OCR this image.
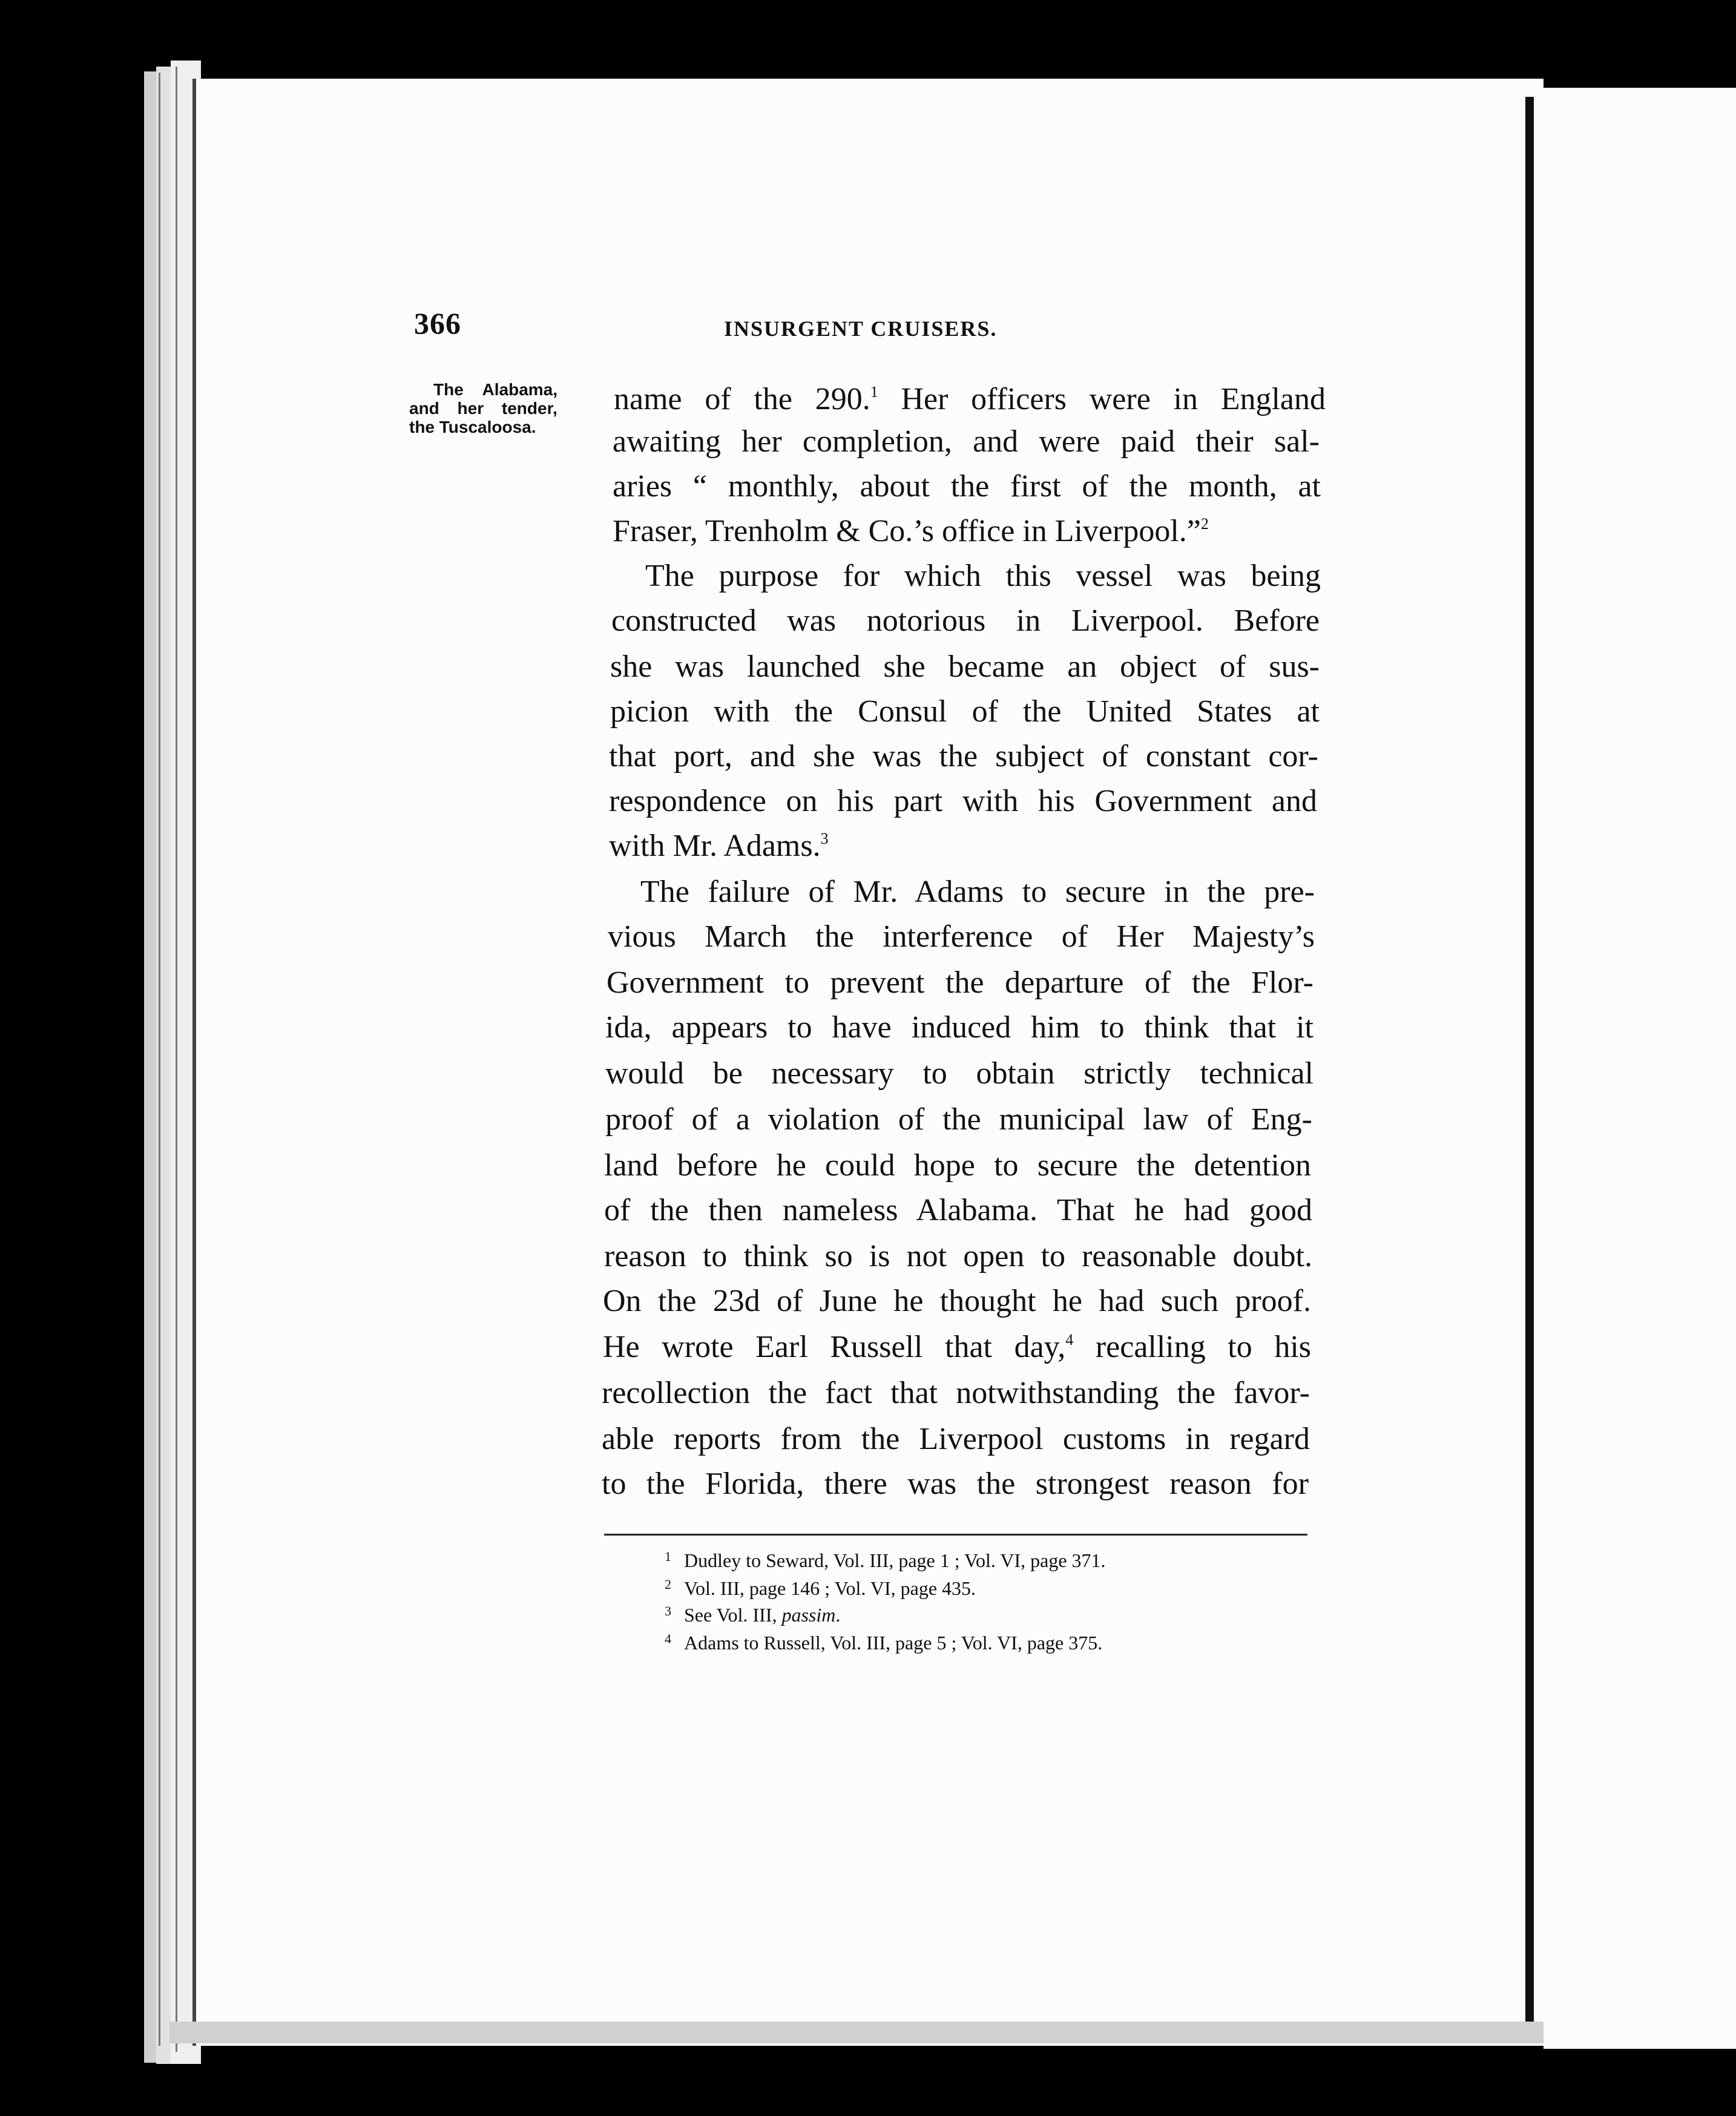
366	INSURGENT CRUISERS.
The Alabama,
and her tender,
the Tuscaloosa.
name of the 290.$^1$ Her officers were in England
awaiting her completion, and were paid their sal-
aries “ monthly, about the first of the month, at
Fraser, Trenholm & Co.’s office in Liverpool.”$^2$
The purpose for which this vessel was being
constructed was notorious in Liverpool. Before
she was launched she became an object of sus-
picion with the Consul of the United States at
that port, and she was the subject of constant cor-
respondence on his part with his Government and
with Mr. Adams.$^3$
The failure of Mr. Adams to secure in the pre-
vious March the interference of Her Majesty’s
Government to prevent the departure of the Flor-
ida, appears to have induced him to think that it
would be necessary to obtain strictly technical
proof of a violation of the municipal law of Eng-
land before he could hope to secure the detention
of the then nameless Alabama. That he had good
reason to think so is not open to reasonable doubt.
On the 23d of June he thought he had such proof.
He wrote Earl Russell that day,$^4$ recalling to his
recollection the fact that notwithstanding the favor-
able reports from the Liverpool customs in regard
to the Florida, there was the strongest reason for
1 Dudley to Seward, Vol. III, page 1 ; Vol. VI, page 371.
2 Vol. III, page 146 ; Vol. VI, page 435.
3 See Vol. III, passim.
4 Adams to Russell, Vol. III, page 5 ; Vol. VI, page 375.
